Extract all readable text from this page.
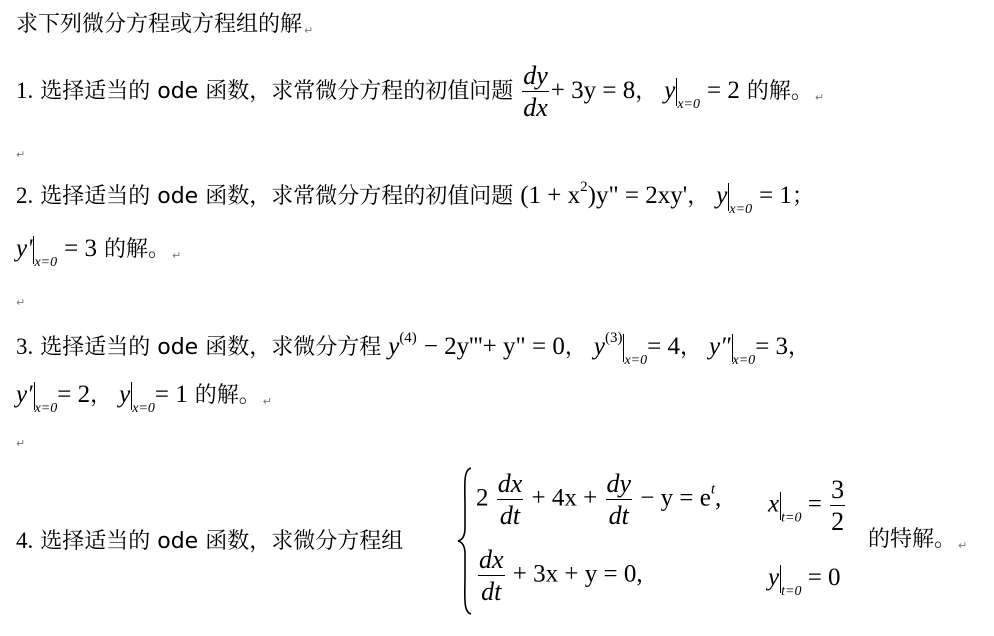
求下列微分方程或方程组的解 ↵
1. 选择适当的 ode 函数，求常微分方程的初值问题 $\frac{dy}{dx} + 3y = 8$， $y_{x=0} = 2$ 的解。 ↵
↵
2. 选择适当的 ode 函数，求常微分方程的初值问题 $(1 + x^2)y$" = 2xy'， $y_{x=0} = 1$；
$y'_{x=0} = 3$ 的解。 ↵
↵
3. 选择适当的 ode 函数，求微分方程 $y^{(4)} - 2y'''+ y$" = 0， $y^{(3)}_{x=0}= 4$， $y''_{x=0}= 3$，
$y'_{x=0}= 2$， $y_{x=0}= 1$ 的解。 ↵
↵
4. 选择适当的 ode 函数，求微分方程组
$2 \frac{dx}{dt} + 4x + \frac{dy}{dt} - y = e^t$, $x_{t=0} = \frac{3}{2}$
$\frac{dx}{dt} + 3x + y = 0$,	$y_{t=0} = 0$
的特解。 ↵
